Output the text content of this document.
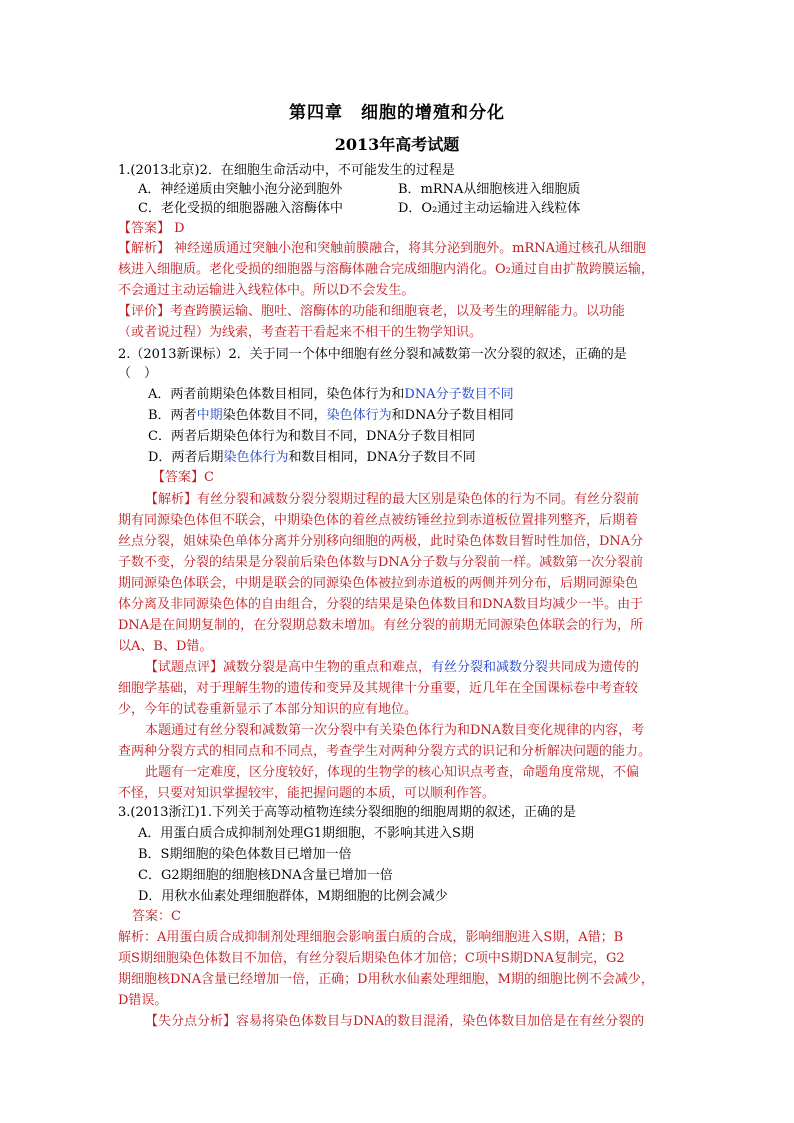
第四章　细胞的增殖和分化
2013年高考试题
1.(2013北京)2．在细胞生命活动中，不可能发生的过程是
A．神经递质由突触小泡分泌到胞外	B．mRNA从细胞核进入细胞质
C．老化受损的细胞器融入溶酶体中	D．O₂通过主动运输进入线粒体
【答案】 D
【解析】 神经递质通过突触小泡和突触前膜融合，将其分泌到胞外。mRNA通过核孔从细胞
核进入细胞质。老化受损的细胞器与溶酶体融合完成细胞内消化。O₂通过自由扩散跨膜运输，
不会通过主动运输进入线粒体中。所以D不会发生。
【评价】考查跨膜运输、胞吐、溶酶体的功能和细胞衰老，以及考生的理解能力。以功能
（或者说过程）为线索，考查若干看起来不相干的生物学知识。
2.（2013新课标）2．关于同一个体中细胞有丝分裂和减数第一次分裂的叙述，正确的是
（　）
A．两者前期染色体数目相同，染色体行为和DNA分子数目不同
B．两者中期染色体数目不同，染色体行为和DNA分子数目相同
C．两者后期染色体行为和数目不同，DNA分子数目相同
D．两者后期染色体行为和数目相同，DNA分子数目不同
【答案】C
【解析】有丝分裂和减数分裂分裂期过程的最大区别是染色体的行为不同。有丝分裂前
期有同源染色体但不联会，中期染色体的着丝点被纺锤丝拉到赤道板位置排列整齐，后期着
丝点分裂，姐妹染色单体分离并分别移向细胞的两极，此时染色体数目暂时性加倍，DNA分
子数不变，分裂的结果是分裂前后染色体数与DNA分子数与分裂前一样。减数第一次分裂前
期同源染色体联会，中期是联会的同源染色体被拉到赤道板的两侧并列分布，后期同源染色
体分离及非同源染色体的自由组合，分裂的结果是染色体数目和DNA数目均减少一半。由于
DNA是在间期复制的，在分裂期总数未增加。有丝分裂的前期无同源染色体联会的行为，所
以A、B、D错。
【试题点评】减数分裂是高中生物的重点和难点，有丝分裂和减数分裂共同成为遗传的
细胞学基础，对于理解生物的遗传和变异及其规律十分重要，近几年在全国课标卷中考查较
少，今年的试卷重新显示了本部分知识的应有地位。
本题通过有丝分裂和减数第一次分裂中有关染色体行为和DNA数目变化规律的内容，考
查两种分裂方式的相同点和不同点，考查学生对两种分裂方式的识记和分析解决问题的能力。
此题有一定难度，区分度较好，体现的生物学的核心知识点考查，命题角度常规，不偏
不怪，只要对知识掌握较牢，能把握问题的本质，可以顺利作答。
3.(2013浙江)1.下列关于高等动植物连续分裂细胞的细胞周期的叙述，正确的是
A．用蛋白质合成抑制剂处理G1期细胞，不影响其进入S期
B．S期细胞的染色体数目已增加一倍
C．G2期细胞的细胞核DNA含量已增加一倍
D．用秋水仙素处理细胞群体，M期细胞的比例会减少
答案：C
解析：A用蛋白质合成抑制剂处理细胞会影响蛋白质的合成，影响细胞进入S期，A错；B
项S期细胞染色体数目不加倍，有丝分裂后期染色体才加倍；C项中S期DNA复制完，G2
期细胞核DNA含量已经增加一倍，正确；D用秋水仙素处理细胞，M期的细胞比例不会减少，
D错误。
【失分点分析】容易将染色体数目与DNA的数目混淆，染色体数目加倍是在有丝分裂的
